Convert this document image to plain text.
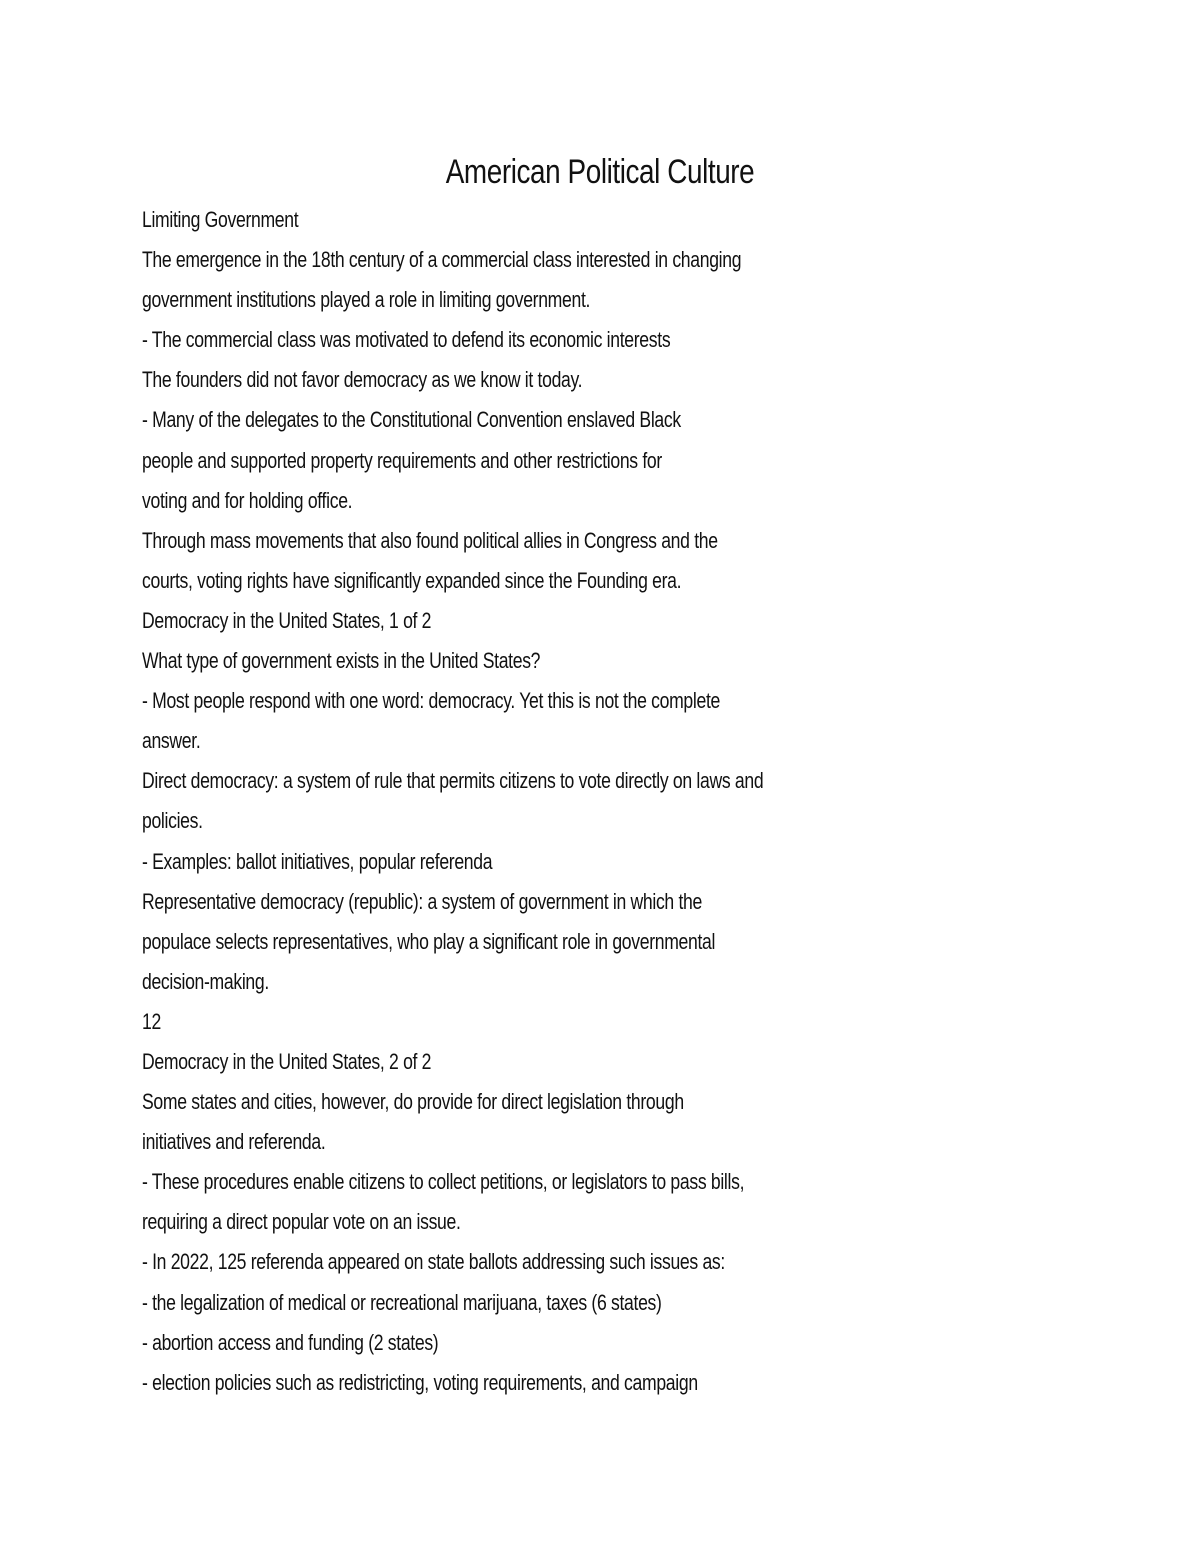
American Political Culture
Limiting Government
The emergence in the 18th century of a commercial class interested in changing
government institutions played a role in limiting government.
- The commercial class was motivated to defend its economic interests
The founders did not favor democracy as we know it today.
- Many of the delegates to the Constitutional Convention enslaved Black
people and supported property requirements and other restrictions for
voting and for holding office.
Through mass movements that also found political allies in Congress and the
courts, voting rights have significantly expanded since the Founding era.
Democracy in the United States, 1 of 2
What type of government exists in the United States?
- Most people respond with one word: democracy. Yet this is not the complete
answer.
Direct democracy: a system of rule that permits citizens to vote directly on laws and
policies.
- Examples: ballot initiatives, popular referenda
Representative democracy (republic): a system of government in which the
populace selects representatives, who play a significant role in governmental
decision-making.
12
Democracy in the United States, 2 of 2
Some states and cities, however, do provide for direct legislation through
initiatives and referenda.
- These procedures enable citizens to collect petitions, or legislators to pass bills,
requiring a direct popular vote on an issue.
- In 2022, 125 referenda appeared on state ballots addressing such issues as:
- the legalization of medical or recreational marijuana, taxes (6 states)
- abortion access and funding (2 states)
- election policies such as redistricting, voting requirements, and campaign
